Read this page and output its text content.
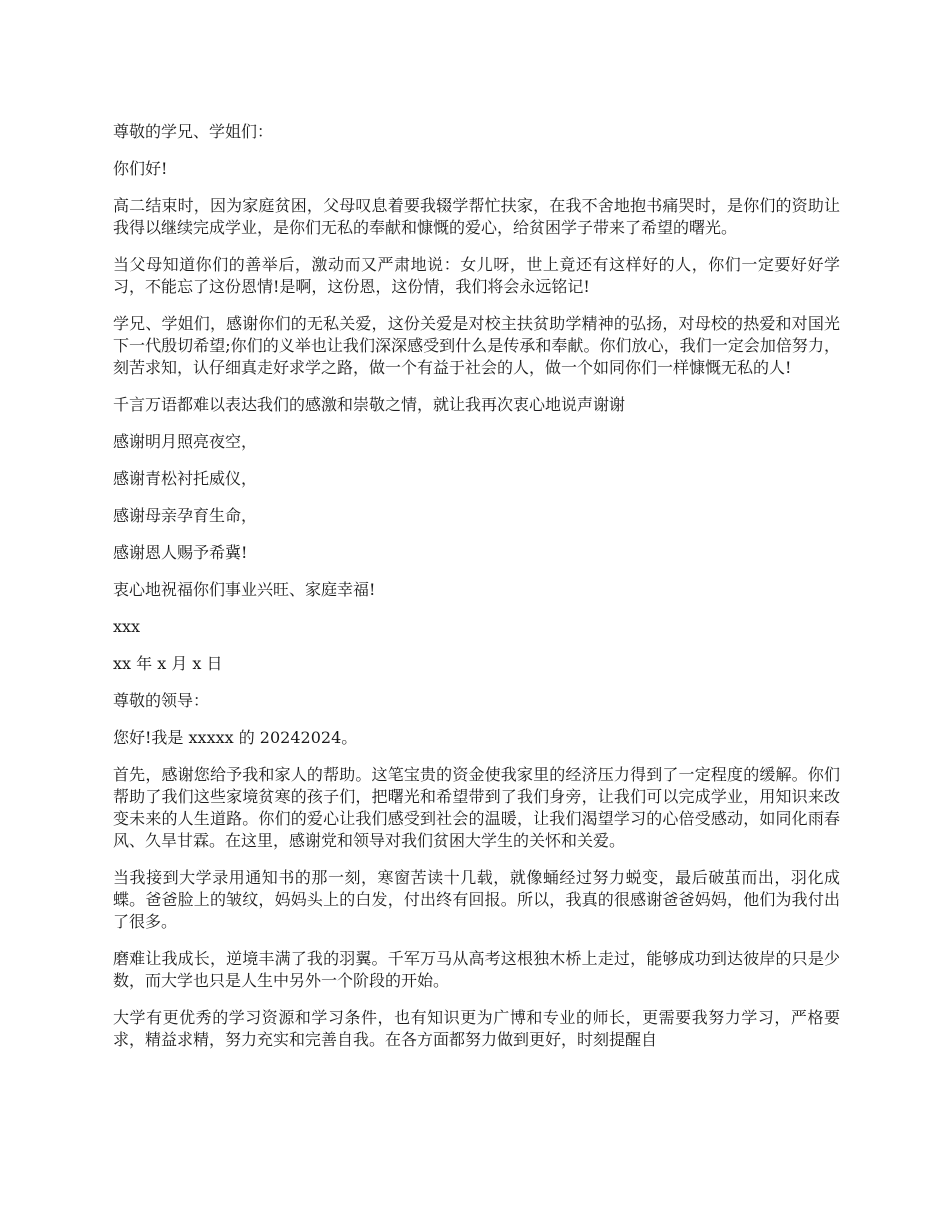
尊敬的学兄、学姐们：

你们好!

高二结束时，因为家庭贫困，父母叹息着要我辍学帮忙扶家，在我不舍地抱书痛哭时，是你们的资助让我得以继续完成学业，是你们无私的奉献和慷慨的爱心，给贫困学子带来了希望的曙光。

当父母知道你们的善举后，激动而又严肃地说：女儿呀，世上竟还有这样好的人，你们一定要好好学习，不能忘了这份恩情!是啊，这份恩，这份情，我们将会永远铭记!

学兄、学姐们，感谢你们的无私关爱，这份关爱是对校主扶贫助学精神的弘扬，对母校的热爱和对国光下一代殷切希望;你们的义举也让我们深深感受到什么是传承和奉献。你们放心，我们一定会加倍努力，刻苦求知，认仔细真走好求学之路，做一个有益于社会的人，做一个如同你们一样慷慨无私的人!

千言万语都难以表达我们的感激和崇敬之情，就让我再次衷心地说声谢谢

感谢明月照亮夜空，

感谢青松衬托威仪，

感谢母亲孕育生命，

感谢恩人赐予希冀!

衷心地祝福你们事业兴旺、家庭幸福!

xxx

xx 年 x 月 x 日

尊敬的领导：

您好!我是 xxxxx 的 20242024。

首先，感谢您给予我和家人的帮助。这笔宝贵的资金使我家里的经济压力得到了一定程度的缓解。你们帮助了我们这些家境贫寒的孩子们，把曙光和希望带到了我们身旁，让我们可以完成学业，用知识来改变未来的人生道路。你们的爱心让我们感受到社会的温暖，让我们渴望学习的心倍受感动，如同化雨春风、久旱甘霖。在这里，感谢党和领导对我们贫困大学生的关怀和关爱。

当我接到大学录用通知书的那一刻，寒窗苦读十几载，就像蛹经过努力蜕变，最后破茧而出，羽化成蝶。爸爸脸上的皱纹，妈妈头上的白发，付出终有回报。所以，我真的很感谢爸爸妈妈，他们为我付出了很多。

磨难让我成长，逆境丰满了我的羽翼。千军万马从高考这根独木桥上走过，能够成功到达彼岸的只是少数，而大学也只是人生中另外一个阶段的开始。

大学有更优秀的学习资源和学习条件，也有知识更为广博和专业的师长，更需要我努力学习，严格要求，精益求精，努力充实和完善自我。在各方面都努力做到更好，时刻提醒自
